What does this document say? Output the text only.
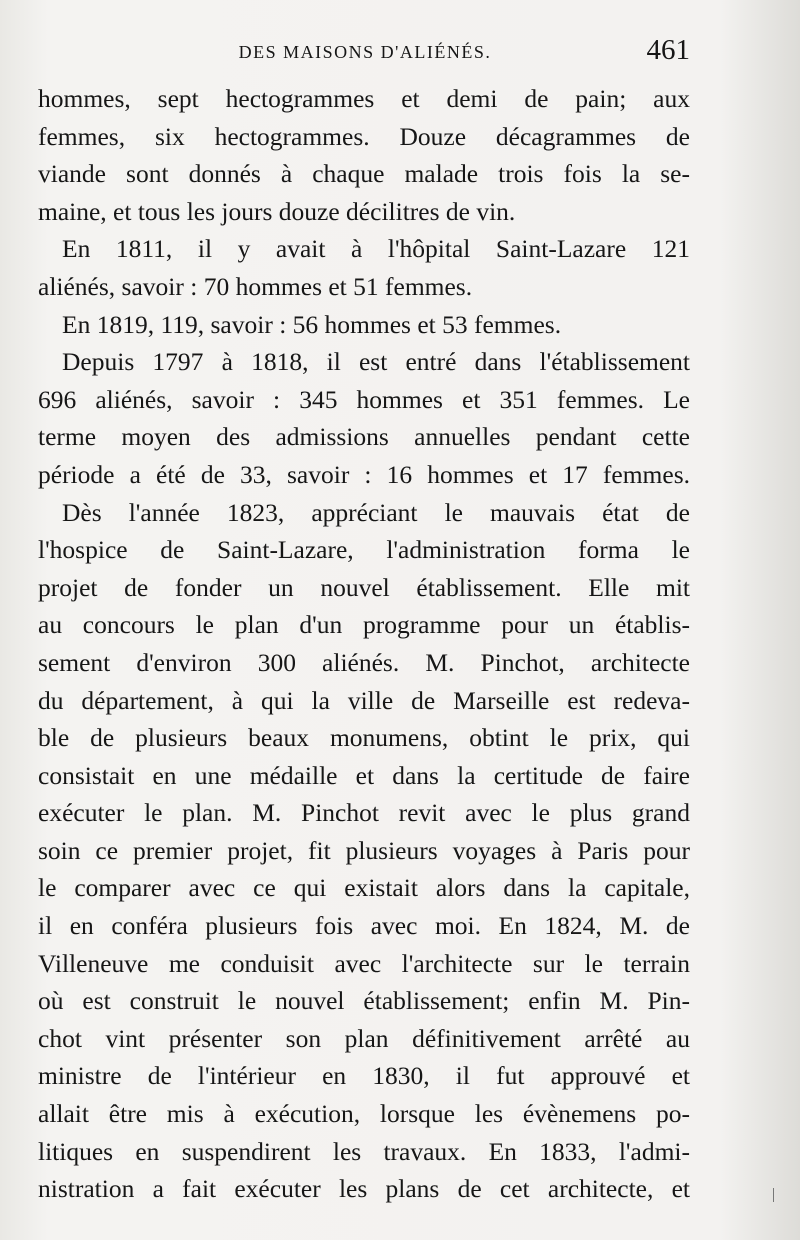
DES MAISONS D'ALIÉNÉS.	461
hommes, sept hectogrammes et demi de pain; aux
femmes, six hectogrammes. Douze décagrammes de
viande sont donnés à chaque malade trois fois la se-
maine, et tous les jours douze décilitres de vin.
En 1811, il y avait à l'hôpital Saint-Lazare 121
aliénés, savoir : 70 hommes et 51 femmes.
En 1819, 119, savoir : 56 hommes et 53 femmes.
Depuis 1797 à 1818, il est entré dans l'établissement
696 aliénés, savoir : 345 hommes et 351 femmes. Le
terme moyen des admissions annuelles pendant cette
période a été de 33, savoir : 16 hommes et 17 femmes.
Dès l'année 1823, appréciant le mauvais état de
l'hospice de Saint-Lazare, l'administration forma le
projet de fonder un nouvel établissement. Elle mit
au concours le plan d'un programme pour un établis-
sement d'environ 300 aliénés. M. Pinchot, architecte
du département, à qui la ville de Marseille est redeva-
ble de plusieurs beaux monumens, obtint le prix, qui
consistait en une médaille et dans la certitude de faire
exécuter le plan. M. Pinchot revit avec le plus grand
soin ce premier projet, fit plusieurs voyages à Paris pour
le comparer avec ce qui existait alors dans la capitale,
il en conféra plusieurs fois avec moi. En 1824, M. de
Villeneuve me conduisit avec l'architecte sur le terrain
où est construit le nouvel établissement; enfin M. Pin-
chot vint présenter son plan définitivement arrêté au
ministre de l'intérieur en 1830, il fut approuvé et
allait être mis à exécution, lorsque les évènemens po-
litiques en suspendirent les travaux. En 1833, l'admi-
nistration a fait exécuter les plans de cet architecte, et
